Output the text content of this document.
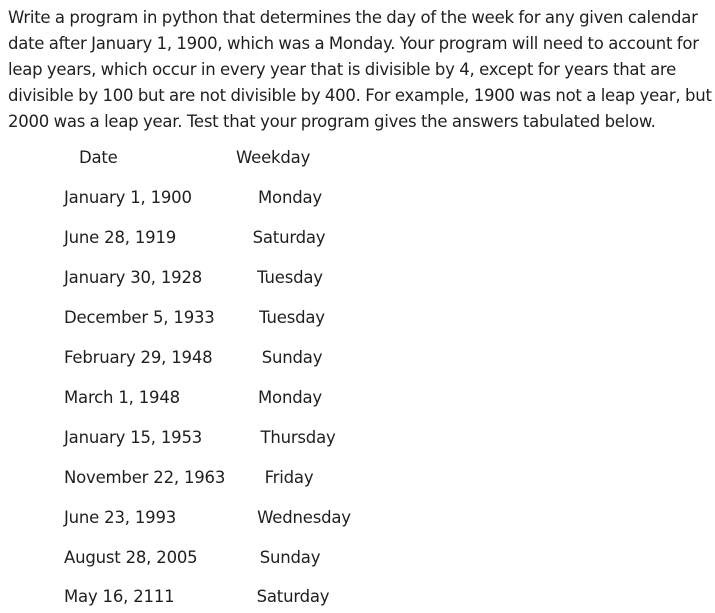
Write a program in python that determines the day of the week for any given calendar
date after January 1, 1900, which was a Monday. Your program will need to account for
leap years, which occur in every year that is divisible by 4, except for years that are
divisible by 100 but are not divisible by 400. For example, 1900 was not a leap year, but
2000 was a leap year. Test that your program gives the answers tabulated below.

Date	Weekday
January 1, 1900	Monday
June 28, 1919	Saturday
January 30, 1928	Tuesday
December 5, 1933	Tuesday
February 29, 1948	Sunday
March 1, 1948	Monday
January 15, 1953	Thursday
November 22, 1963 Friday
June 23, 1993	Wednesday
August 28, 2005	Sunday
May 16, 2111	Saturday
